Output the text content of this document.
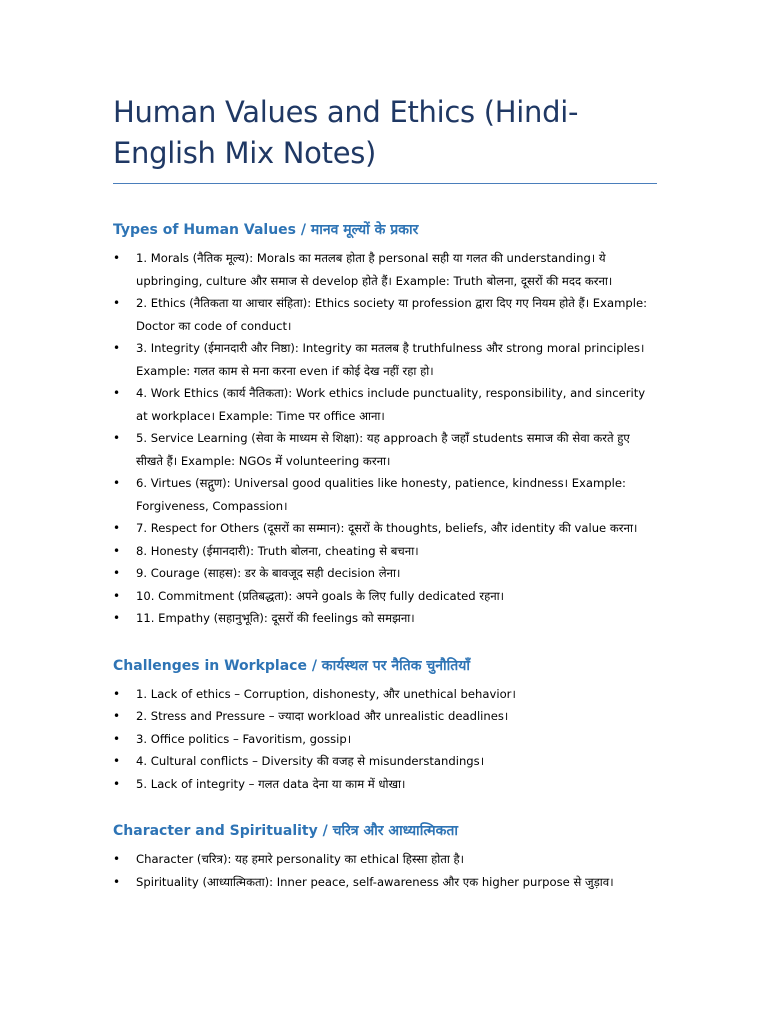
Human Values and Ethics (Hindi-English Mix Notes)
Types of Human Values / मानव मूल्यों के प्रकार
• 1. Morals (नैतिक मूल्य): Morals का मतलब होता है personal सही या गलत की understanding। ये upbringing, culture और समाज से develop होते हैं। Example: Truth बोलना, दूसरों की मदद करना।
• 2. Ethics (नैतिकता या आचार संहिता): Ethics society या profession द्वारा दिए गए नियम होते हैं। Example: Doctor का code of conduct।
• 3. Integrity (ईमानदारी और निष्ठा): Integrity का मतलब है truthfulness और strong moral principles। Example: गलत काम से मना करना even if कोई देख नहीं रहा हो।
• 4. Work Ethics (कार्य नैतिकता): Work ethics include punctuality, responsibility, and sincerity at workplace। Example: Time पर office आना।
• 5. Service Learning (सेवा के माध्यम से शिक्षा): यह approach है जहाँ students समाज की सेवा करते हुए सीखते हैं। Example: NGOs में volunteering करना।
• 6. Virtues (सद्गुण): Universal good qualities like honesty, patience, kindness। Example: Forgiveness, Compassion।
• 7. Respect for Others (दूसरों का सम्मान): दूसरों के thoughts, beliefs, और identity की value करना।
• 8. Honesty (ईमानदारी): Truth बोलना, cheating से बचना।
• 9. Courage (साहस): डर के बावजूद सही decision लेना।
• 10. Commitment (प्रतिबद्धता): अपने goals के लिए fully dedicated रहना।
• 11. Empathy (सहानुभूति): दूसरों की feelings को समझना।
Challenges in Workplace / कार्यस्थल पर नैतिक चुनौतियाँ
• 1. Lack of ethics – Corruption, dishonesty, और unethical behavior।
• 2. Stress and Pressure – ज्यादा workload और unrealistic deadlines।
• 3. Office politics – Favoritism, gossip।
• 4. Cultural conflicts – Diversity की वजह से misunderstandings।
• 5. Lack of integrity – गलत data देना या काम में धोखा।
Character and Spirituality / चरित्र और आध्यात्मिकता
• Character (चरित्र): यह हमारे personality का ethical हिस्सा होता है।
• Spirituality (आध्यात्मिकता): Inner peace, self-awareness और एक higher purpose से जुड़ाव।
